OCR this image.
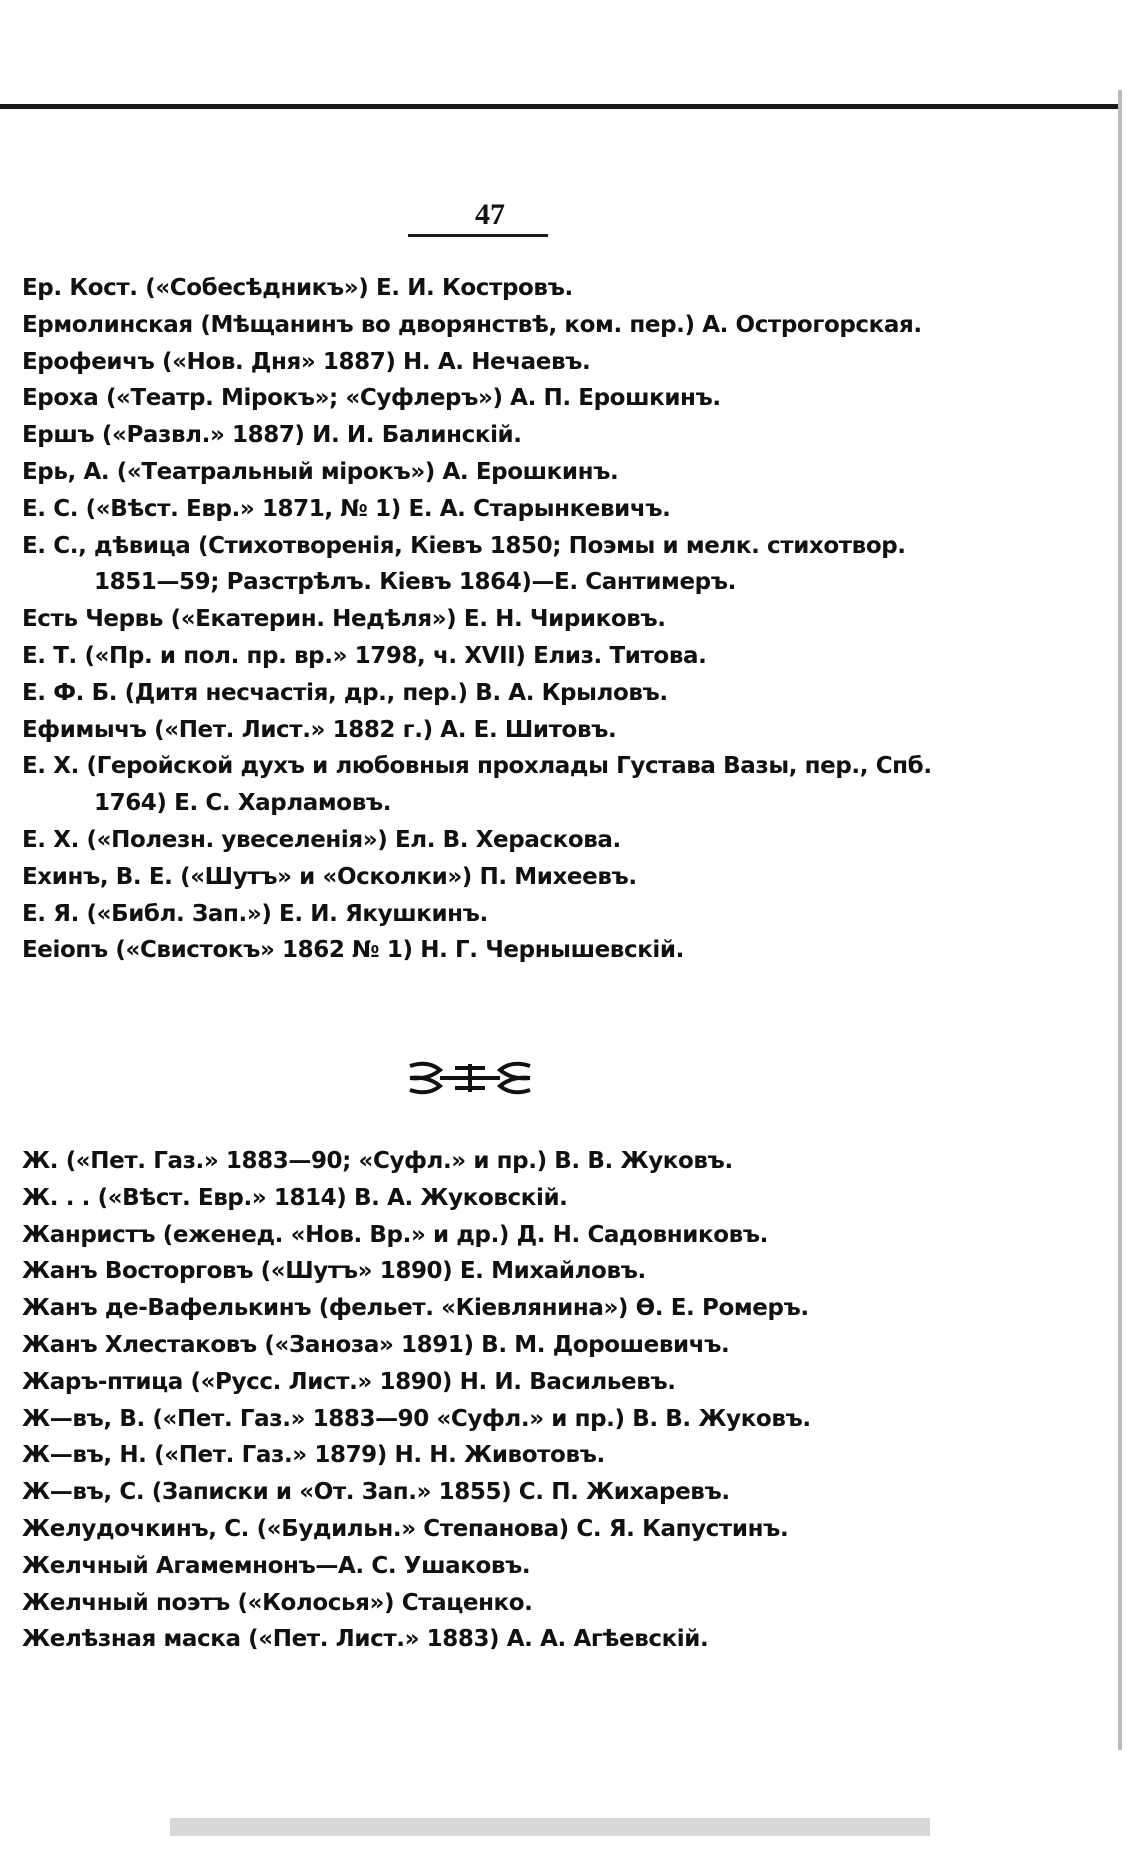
47
Ер. Кост. («Собесѣдникъ») Е. И. Костровъ.
Ермолинская (Мѣщанинъ во дворянствѣ, ком. пер.) А. Острогорская.
Ерофеичъ («Нов. Дня» 1887) Н. А. Нечаевъ.
Ероха («Театр. Мірокъ»; «Суфлеръ») А. П. Ерошкинъ.
Ершъ («Развл.» 1887) И. И. Балинскій.
Ерь, А. («Театральный мірокъ») А. Ерошкинъ.
Е. С. («Вѣст. Евр.» 1871, № 1) Е. А. Старынкевичъ.
Е. С., дѣвица (Стихотворенія, Кіевъ 1850; Поэмы и мелк. стихотвор.
1851—59; Разстрѣлъ. Кіевъ 1864)—Е. Сантимеръ.
Есть Червь («Екатерин. Недѣля») Е. Н. Чириковъ.
Е. Т. («Пр. и пол. пр. вр.» 1798, ч. XVII) Елиз. Титова.
Е. Ф. Б. (Дитя несчастія, др., пер.) В. А. Крыловъ.
Ефимычъ («Пет. Лист.» 1882 г.) А. Е. Шитовъ.
Е. Х. (Геройской духъ и любовныя прохлады Густава Вазы, пер., Спб.
1764) Е. С. Харламовъ.
Е. Х. («Полезн. увеселенія») Ел. В. Хераскова.
Ехинъ, В. Е. («Шутъ» и «Осколки») П. Михеевъ.
Е. Я. («Библ. Зап.») Е. И. Якушкинъ.
Ееіопъ («Свистокъ» 1862 № 1) Н. Г. Чернышевскій.
Ж. («Пет. Газ.» 1883—90; «Суфл.» и пр.) В. В. Жуковъ.
Ж. . . («Вѣст. Евр.» 1814) В. А. Жуковскій.
Жанристъ (еженед. «Нов. Вр.» и др.) Д. Н. Садовниковъ.
Жанъ Восторговъ («Шутъ» 1890) Е. Михайловъ.
Жанъ де-Вафелькинъ (фельет. «Кіевлянина») Ѳ. Е. Ромеръ.
Жанъ Хлестаковъ («Заноза» 1891) В. М. Дорошевичъ.
Жаръ-птица («Русс. Лист.» 1890) Н. И. Васильевъ.
Ж—въ, В. («Пет. Газ.» 1883—90 «Суфл.» и пр.) В. В. Жуковъ.
Ж—въ, Н. («Пет. Газ.» 1879) Н. Н. Животовъ.
Ж—въ, С. (Записки и «От. Зап.» 1855) С. П. Жихаревъ.
Желудочкинъ, С. («Будильн.» Степанова) С. Я. Капустинъ.
Желчный Агамемнонъ—А. С. Ушаковъ.
Желчный поэтъ («Колосья») Стаценко.
Желѣзная маска («Пет. Лист.» 1883) А. А. Агѣевскій.
